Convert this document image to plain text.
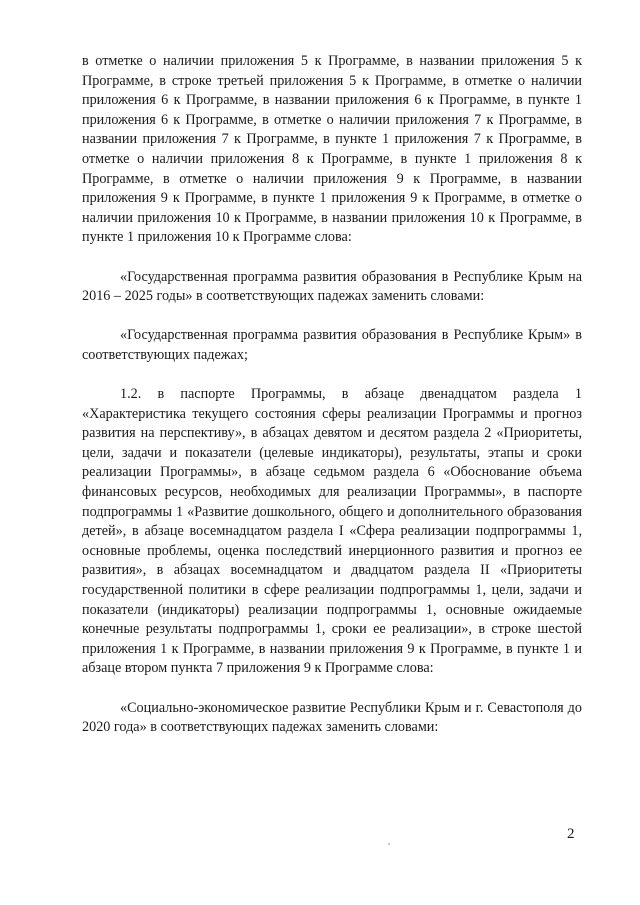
в отметке о наличии приложения 5 к Программе, в названии приложения 5 к Программе, в строке третьей приложения 5 к Программе, в отметке о наличии приложения 6 к Программе, в названии приложения 6 к Программе, в пункте 1 приложения 6 к Программе, в отметке о наличии приложения 7 к Программе, в названии приложения 7 к Программе, в пункте 1 приложения 7 к Программе, в отметке о наличии приложения 8 к Программе, в пункте 1 приложения 8 к Программе, в отметке о наличии приложения 9 к Программе, в названии приложения 9 к Программе, в пункте 1 приложения 9 к Программе, в отметке о наличии приложения 10 к Программе, в названии приложения 10 к Программе, в пункте 1 приложения 10 к Программе слова:

«Государственная программа развития образования в Республике Крым на 2016 – 2025 годы» в соответствующих падежах заменить словами:

«Государственная программа развития образования в Республике Крым» в соответствующих падежах;

1.2. в паспорте Программы, в абзаце двенадцатом раздела 1 «Характеристика текущего состояния сферы реализации Программы и прогноз развития на перспективу», в абзацах девятом и десятом раздела 2 «Приоритеты, цели, задачи и показатели (целевые индикаторы), результаты, этапы и сроки реализации Программы», в абзаце седьмом раздела 6 «Обоснование объема финансовых ресурсов, необходимых для реализации Программы», в паспорте подпрограммы 1 «Развитие дошкольного, общего и дополнительного образования детей», в абзаце восемнадцатом раздела I «Сфера реализации подпрограммы 1, основные проблемы, оценка последствий инерционного развития и прогноз ее развития», в абзацах восемнадцатом и двадцатом раздела II «Приоритеты государственной политики в сфере реализации подпрограммы 1, цели, задачи и показатели (индикаторы) реализации подпрограммы 1, основные ожидаемые конечные результаты подпрограммы 1, сроки ее реализации», в строке шестой приложения 1 к Программе, в названии приложения 9 к Программе, в пункте 1 и абзаце втором пункта 7 приложения 9 к Программе слова:

«Социально-экономическое развитие Республики Крым и г. Севастополя до 2020 года» в соответствующих падежах заменить словами:

2
